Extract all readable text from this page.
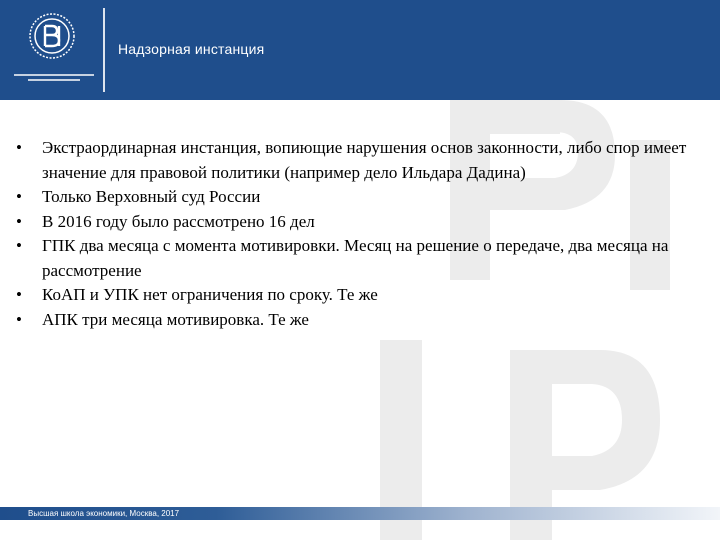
Надзорная инстанция
• Экстраординарная инстанция, вопиющие нарушения основ законности, либо спор имеет значение для правовой политики (например дело Ильдара Дадина)
• Только Верховный суд России
• В 2016 году было рассмотрено 16 дел
• ГПК два месяца с момента мотивировки. Месяц на решение о передаче, два месяца на рассмотрение
• КоАП и УПК нет ограничения по сроку. Те же
• АПК три месяца мотивировка. Те же
Высшая школа экономики, Москва, 2017
